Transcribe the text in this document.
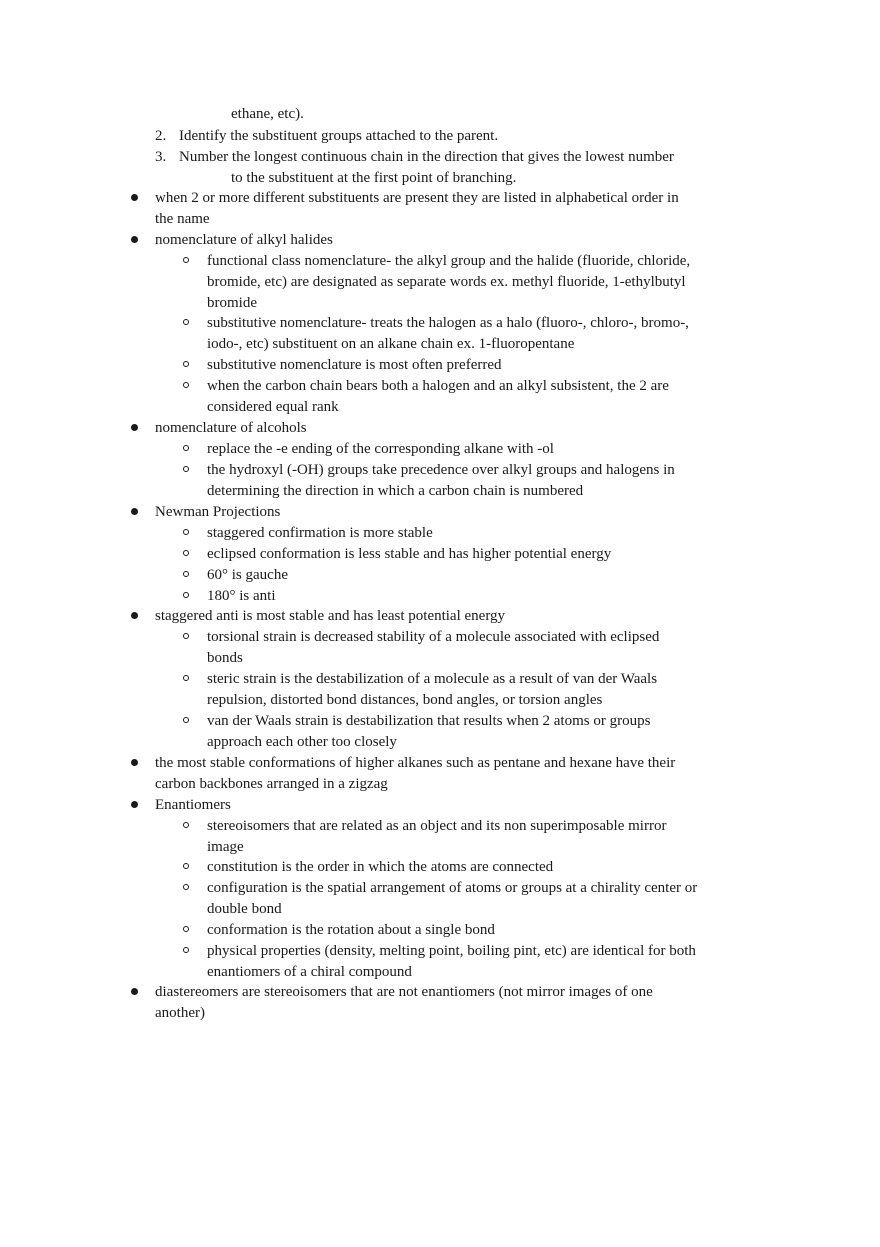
ethane, etc).
2. Identify the substituent groups attached to the parent.
3. Number the longest continuous chain in the direction that gives the lowest number
to the substituent at the first point of branching.
when 2 or more different substituents are present they are listed in alphabetical order in
the name
nomenclature of alkyl halides
functional class nomenclature- the alkyl group and the halide (fluoride, chloride,
bromide, etc) are designated as separate words ex. methyl fluoride, 1-ethylbutyl
bromide
substitutive nomenclature- treats the halogen as a halo (fluoro-, chloro-, bromo-,
iodo-, etc) substituent on an alkane chain ex. 1-fluoropentane
substitutive nomenclature is most often preferred
when the carbon chain bears both a halogen and an alkyl subsistent, the 2 are
considered equal rank
nomenclature of alcohols
replace the -e ending of the corresponding alkane with -ol
the hydroxyl (-OH) groups take precedence over alkyl groups and halogens in
determining the direction in which a carbon chain is numbered
Newman Projections
staggered confirmation is more stable
eclipsed conformation is less stable and has higher potential energy
60° is gauche
180° is anti
staggered anti is most stable and has least potential energy
torsional strain is decreased stability of a molecule associated with eclipsed
bonds
steric strain is the destabilization of a molecule as a result of van der Waals
repulsion, distorted bond distances, bond angles, or torsion angles
van der Waals strain is destabilization that results when 2 atoms or groups
approach each other too closely
the most stable conformations of higher alkanes such as pentane and hexane have their
carbon backbones arranged in a zigzag
Enantiomers
stereoisomers that are related as an object and its non superimposable mirror
image
constitution is the order in which the atoms are connected
configuration is the spatial arrangement of atoms or groups at a chirality center or
double bond
conformation is the rotation about a single bond
physical properties (density, melting point, boiling pint, etc) are identical for both
enantiomers of a chiral compound
diastereomers are stereoisomers that are not enantiomers (not mirror images of one
another)
